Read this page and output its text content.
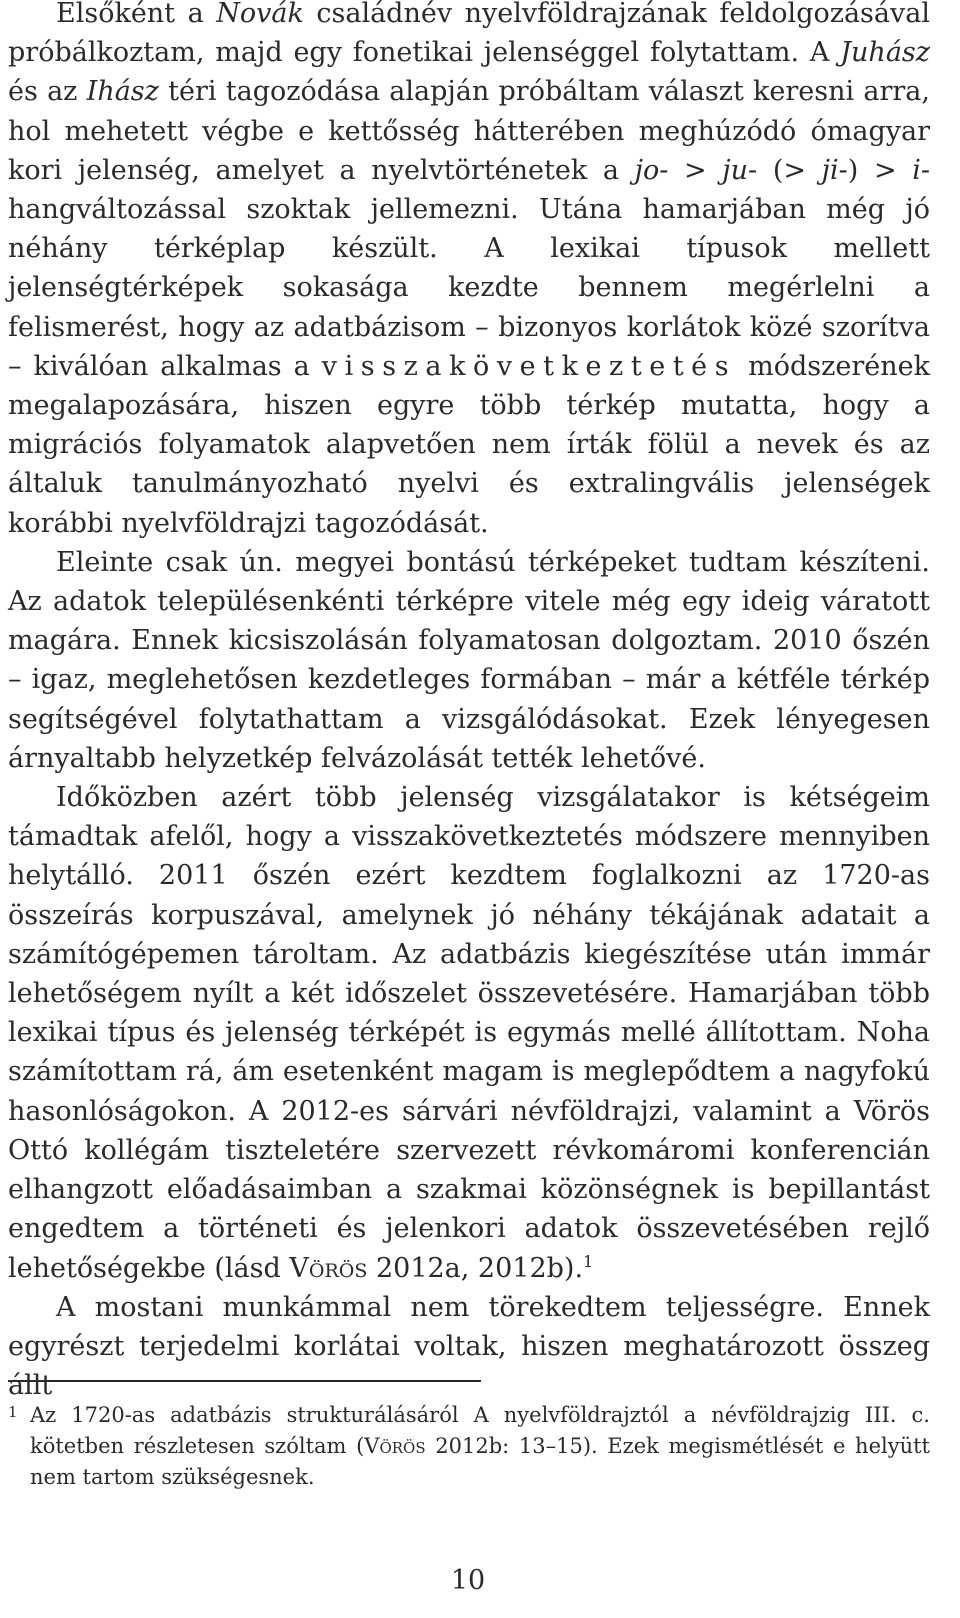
Elsőként a Novák családnév nyelvföldrajzának feldolgozásával próbálkoztam, majd egy fonetikai jelenséggel folytattam. A Juhász és az Ihász téri tagozódása alapján próbáltam választ keresni arra, hol mehetett végbe e kettősség hátterében meghúzódó ómagyar kori jelenség, amelyet a nyelvtörténetek a jo- > ju- (> ji-) > i- hangváltozással szoktak jellemezni. Utána hamarjában még jó néhány térképlap készült. A lexikai típusok mellett jelenségtérképek sokasága kezdte bennem megérlelni a felismerést, hogy az adatbázisom – bizonyos korlátok közé szorítva – kiválóan alkalmas a visszakövetkeztetés módszerének megalapozására, hiszen egyre több térkép mutatta, hogy a migrációs folyamatok alapvetően nem írták fölül a nevek és az általuk tanulmányozható nyelvi és extralingvális jelenségek korábbi nyelvföldrajzi tagozódását.

Eleinte csak ún. megyei bontású térképeket tudtam készíteni. Az adatok településenkénti térképre vitele még egy ideig váratott magára. Ennek kicsiszolásán folyamatosan dolgoztam. 2010 őszén – igaz, meglehetősen kezdetleges formában – már a kétféle térkép segítségével folytathattam a vizsgálódásokat. Ezek lényegesen árnyaltabb helyzetkép felvázolását tették lehetővé.

Időközben azért több jelenség vizsgálatakor is kétségeim támadtak afelől, hogy a visszakövetkeztetés módszere mennyiben helytálló. 2011 őszén ezért kezdtem foglalkozni az 1720-as összeírás korpuszával, amelynek jó néhány tékájának adatait a számítógépemen tároltam. Az adatbázis kiegészítése után immár lehetőségem nyílt a két időszelet összevetésére. Hamarjában több lexikai típus és jelenség térképét is egymás mellé állítottam. Noha számítottam rá, ám esetenként magam is meglepődtem a nagyfokú hasonlóságokon. A 2012-es sárvári névföldrajzi, valamint a Vörös Ottó kollégám tiszteletére szervezett révkomáromi konferencián elhangzott előadásaimban a szakmai közönségnek is bepillantást engedtem a történeti és jelenkori adatok összevetésében rejlő lehetőségekbe (lásd Vörös 2012a, 2012b).$^1$

A mostani munkámmal nem törekedtem teljességre. Ennek egyrészt terjedelmi korlátai voltak, hiszen meghatározott összeg állt

1 Az 1720-as adatbázis strukturálásáról A nyelvföldrajztól a névföldrajzig III. c. kötetben részletesen szóltam (Vörös 2012b: 13–15). Ezek megismétlését e helyütt nem tartom szükségesnek.
10
